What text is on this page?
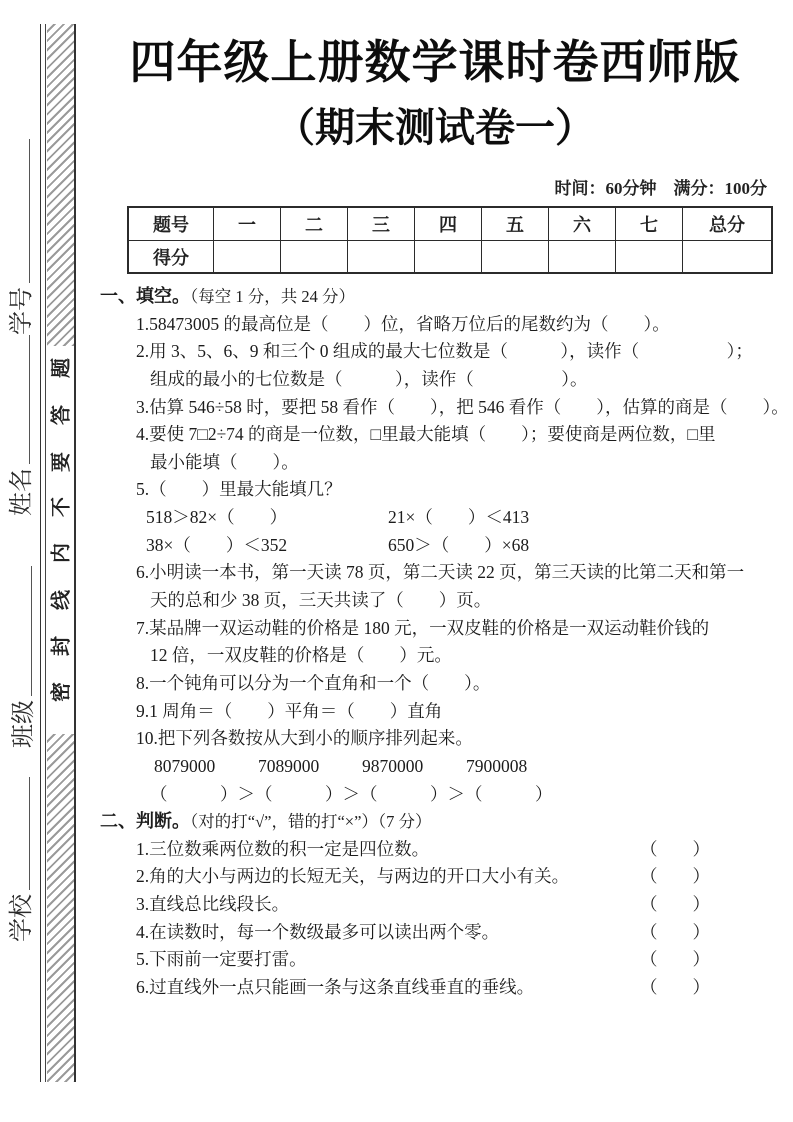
学号
姓名
班级
学校
题
答
要
不
内
线
封
密
四年级上册数学课时卷西师版
（期末测试卷一）
时间：60分钟　满分：100分
题号	一	二	三	四	五	六	七	总分
得分								
一、填空。（每空 1 分，共 24 分）
1.58473005 的最高位是（　　）位，省略万位后的尾数约为（　　）。
2.用 3、5、6、9 和三个 0 组成的最大七位数是（　　　），读作（　　　　　）；
组成的最小的七位数是（　　　），读作（　　　　　）。
3.估算 546÷58 时，要把 58 看作（　　），把 546 看作（　　），估算的商是（　　）。
4.要使 7□2÷74 的商是一位数，□里最大能填（　　）；要使商是两位数，□里
最小能填（　　）。
5.（　　）里最大能填几？
518＞82×（　　）	21×（　　）＜413
38×（　　）＜352	650＞（　　）×68
6.小明读一本书，第一天读 78 页，第二天读 22 页，第三天读的比第二天和第一
天的总和少 38 页，三天共读了（　　）页。
7.某品牌一双运动鞋的价格是 180 元，一双皮鞋的价格是一双运动鞋价钱的
12 倍，一双皮鞋的价格是（　　）元。
8.一个钝角可以分为一个直角和一个（　　）。
9.1 周角＝（　　）平角＝（　　）直角
10.把下列各数按从大到小的顺序排列起来。
8079000	7089000	9870000	7900008
（　　　）＞（　　　）＞（　　　）＞（　　　）
二、判断。（对的打“√”，错的打“×”）（7 分）
1.三位数乘两位数的积一定是四位数。	（　　）
2.角的大小与两边的长短无关，与两边的开口大小有关。	（　　）
3.直线总比线段长。	（　　）
4.在读数时，每一个数级最多可以读出两个零。	（　　）
5.下雨前一定要打雷。	（　　）
6.过直线外一点只能画一条与这条直线垂直的垂线。	（　　）
